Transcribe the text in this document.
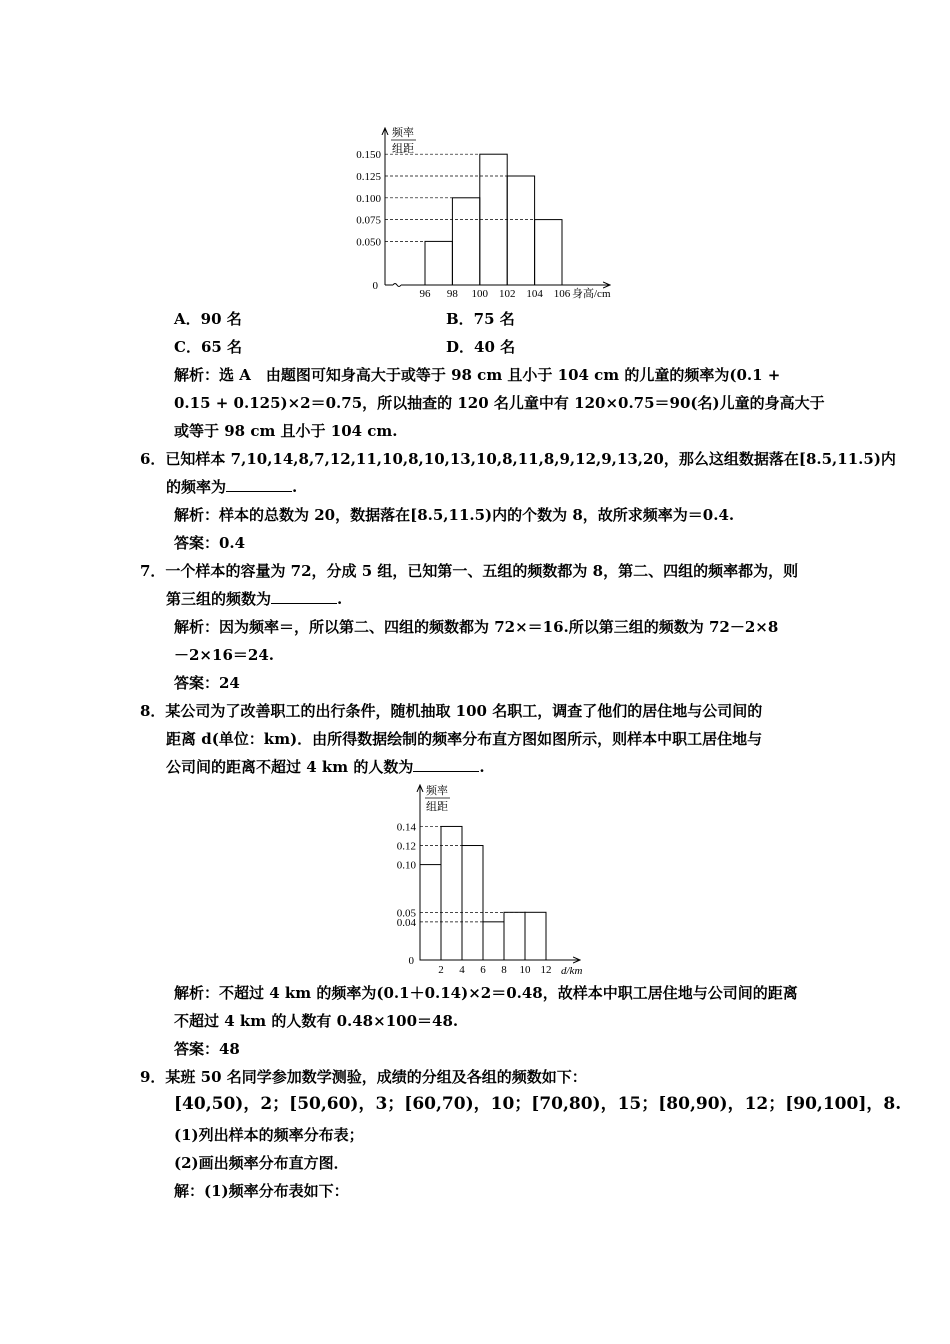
0
频率
组距
0.150
0.125
0.100
0.075
0.050
96 98 100 102 104 106 身高/cm
A．90 名	B．75 名
C．65 名	D．40 名
解析：选 A　由题图可知身高大于或等于 98 cm 且小于 104 cm 的儿童的频率为(0.1 +
0.15 + 0.125)×2＝0.75，所以抽查的 120 名儿童中有 120×0.75＝90(名)儿童的身高大于
或等于 98 cm 且小于 104 cm.
6．已知样本 7,10,14,8,7,12,11,10,8,10,13,10,8,11,8,9,12,9,13,20，那么这组数据落在[8.5,11.5)内
的频率为	.
解析：样本的总数为 20，数据落在[8.5,11.5)内的个数为 8，故所求频率为＝0.4.
答案：0.4
7．一个样本的容量为 72，分成 5 组，已知第一、五组的频数都为 8，第二、四组的频率都为，则
第三组的频数为	.
解析：因为频率＝，所以第二、四组的频数都为 72×＝16.所以第三组的频数为 72－2×8
－2×16＝24.
答案：24
8．某公司为了改善职工的出行条件，随机抽取 100 名职工，调查了他们的居住地与公司间的
距离 d(单位：km)．由所得数据绘制的频率分布直方图如图所示，则样本中职工居住地与
公司间的距离不超过 4 km 的人数为	.
0
频率
组距
0.14
0.12
0.10
0.05
0.04
2 4 6 8 10 12 d/km
解析：不超过 4 km 的频率为(0.1＋0.14)×2＝0.48，故样本中职工居住地与公司间的距离
不超过 4 km 的人数有 0.48×100＝48.
答案：48
9．某班 50 名同学参加数学测验，成绩的分组及各组的频数如下：
[40,50)，2；[50,60)，3；[60,70)，10；[70,80)，15；[80,90)，12；[90,100]，8.
(1)列出样本的频率分布表；
(2)画出频率分布直方图．
解：(1)频率分布表如下：
